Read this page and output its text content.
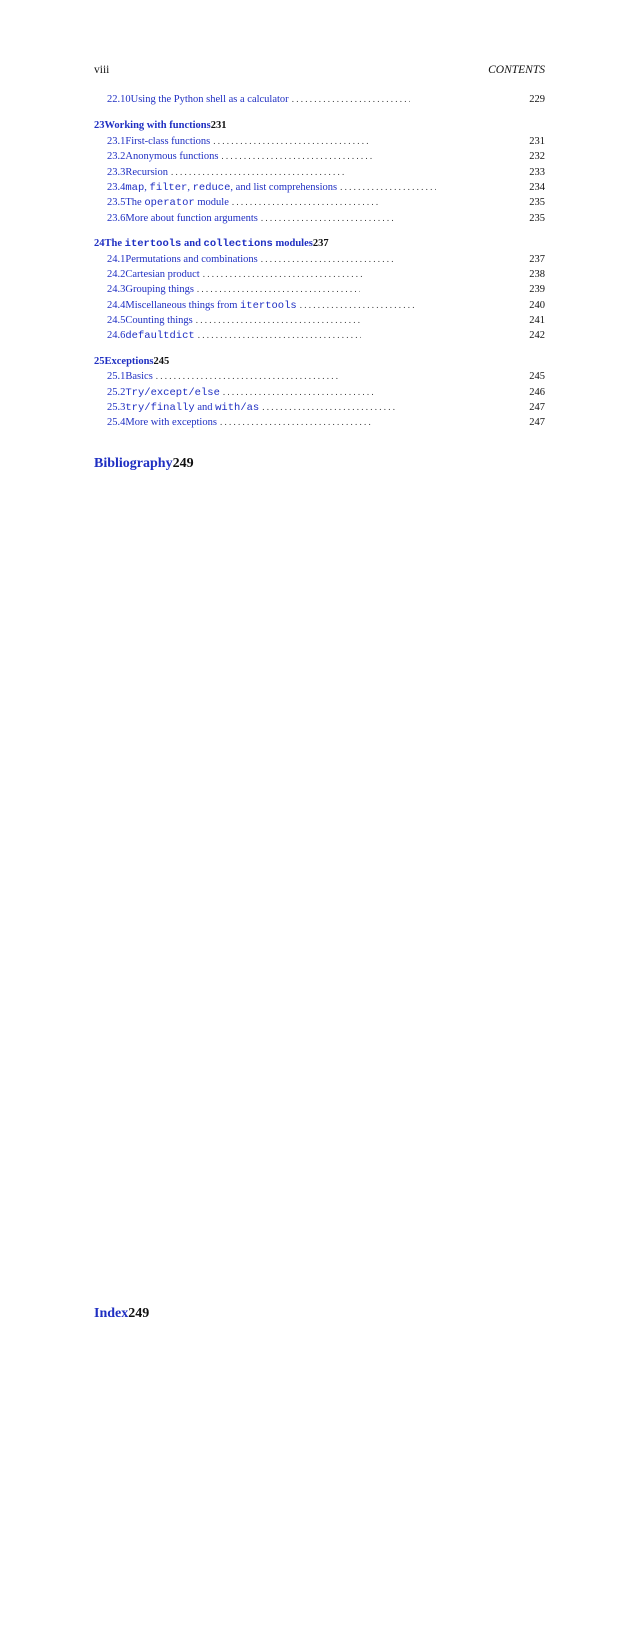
viii	CONTENTS
22.10 Using the Python shell as a calculator . . .	229
23 Working with functions 231
23.1 First-class functions . . .	231
23.2 Anonymous functions . . .	232
23.3 Recursion . . .	233
23.4 map, filter, reduce, and list comprehensions . . .	234
23.5 The operator module . . .	235
23.6 More about function arguments . . .	235
24 The itertools and collections modules 237
24.1 Permutations and combinations . . .	237
24.2 Cartesian product . . .	238
24.3 Grouping things . . .	239
24.4 Miscellaneous things from itertools . . .	240
24.5 Counting things . . .	241
24.6 defaultdict . . .	242
25 Exceptions 245
25.1 Basics . . .	245
25.2 Try/except/else . . .	246
25.3 try/finally and with/as . . .	247
25.4 More with exceptions . . .	247
Bibliography 249
Index 249
